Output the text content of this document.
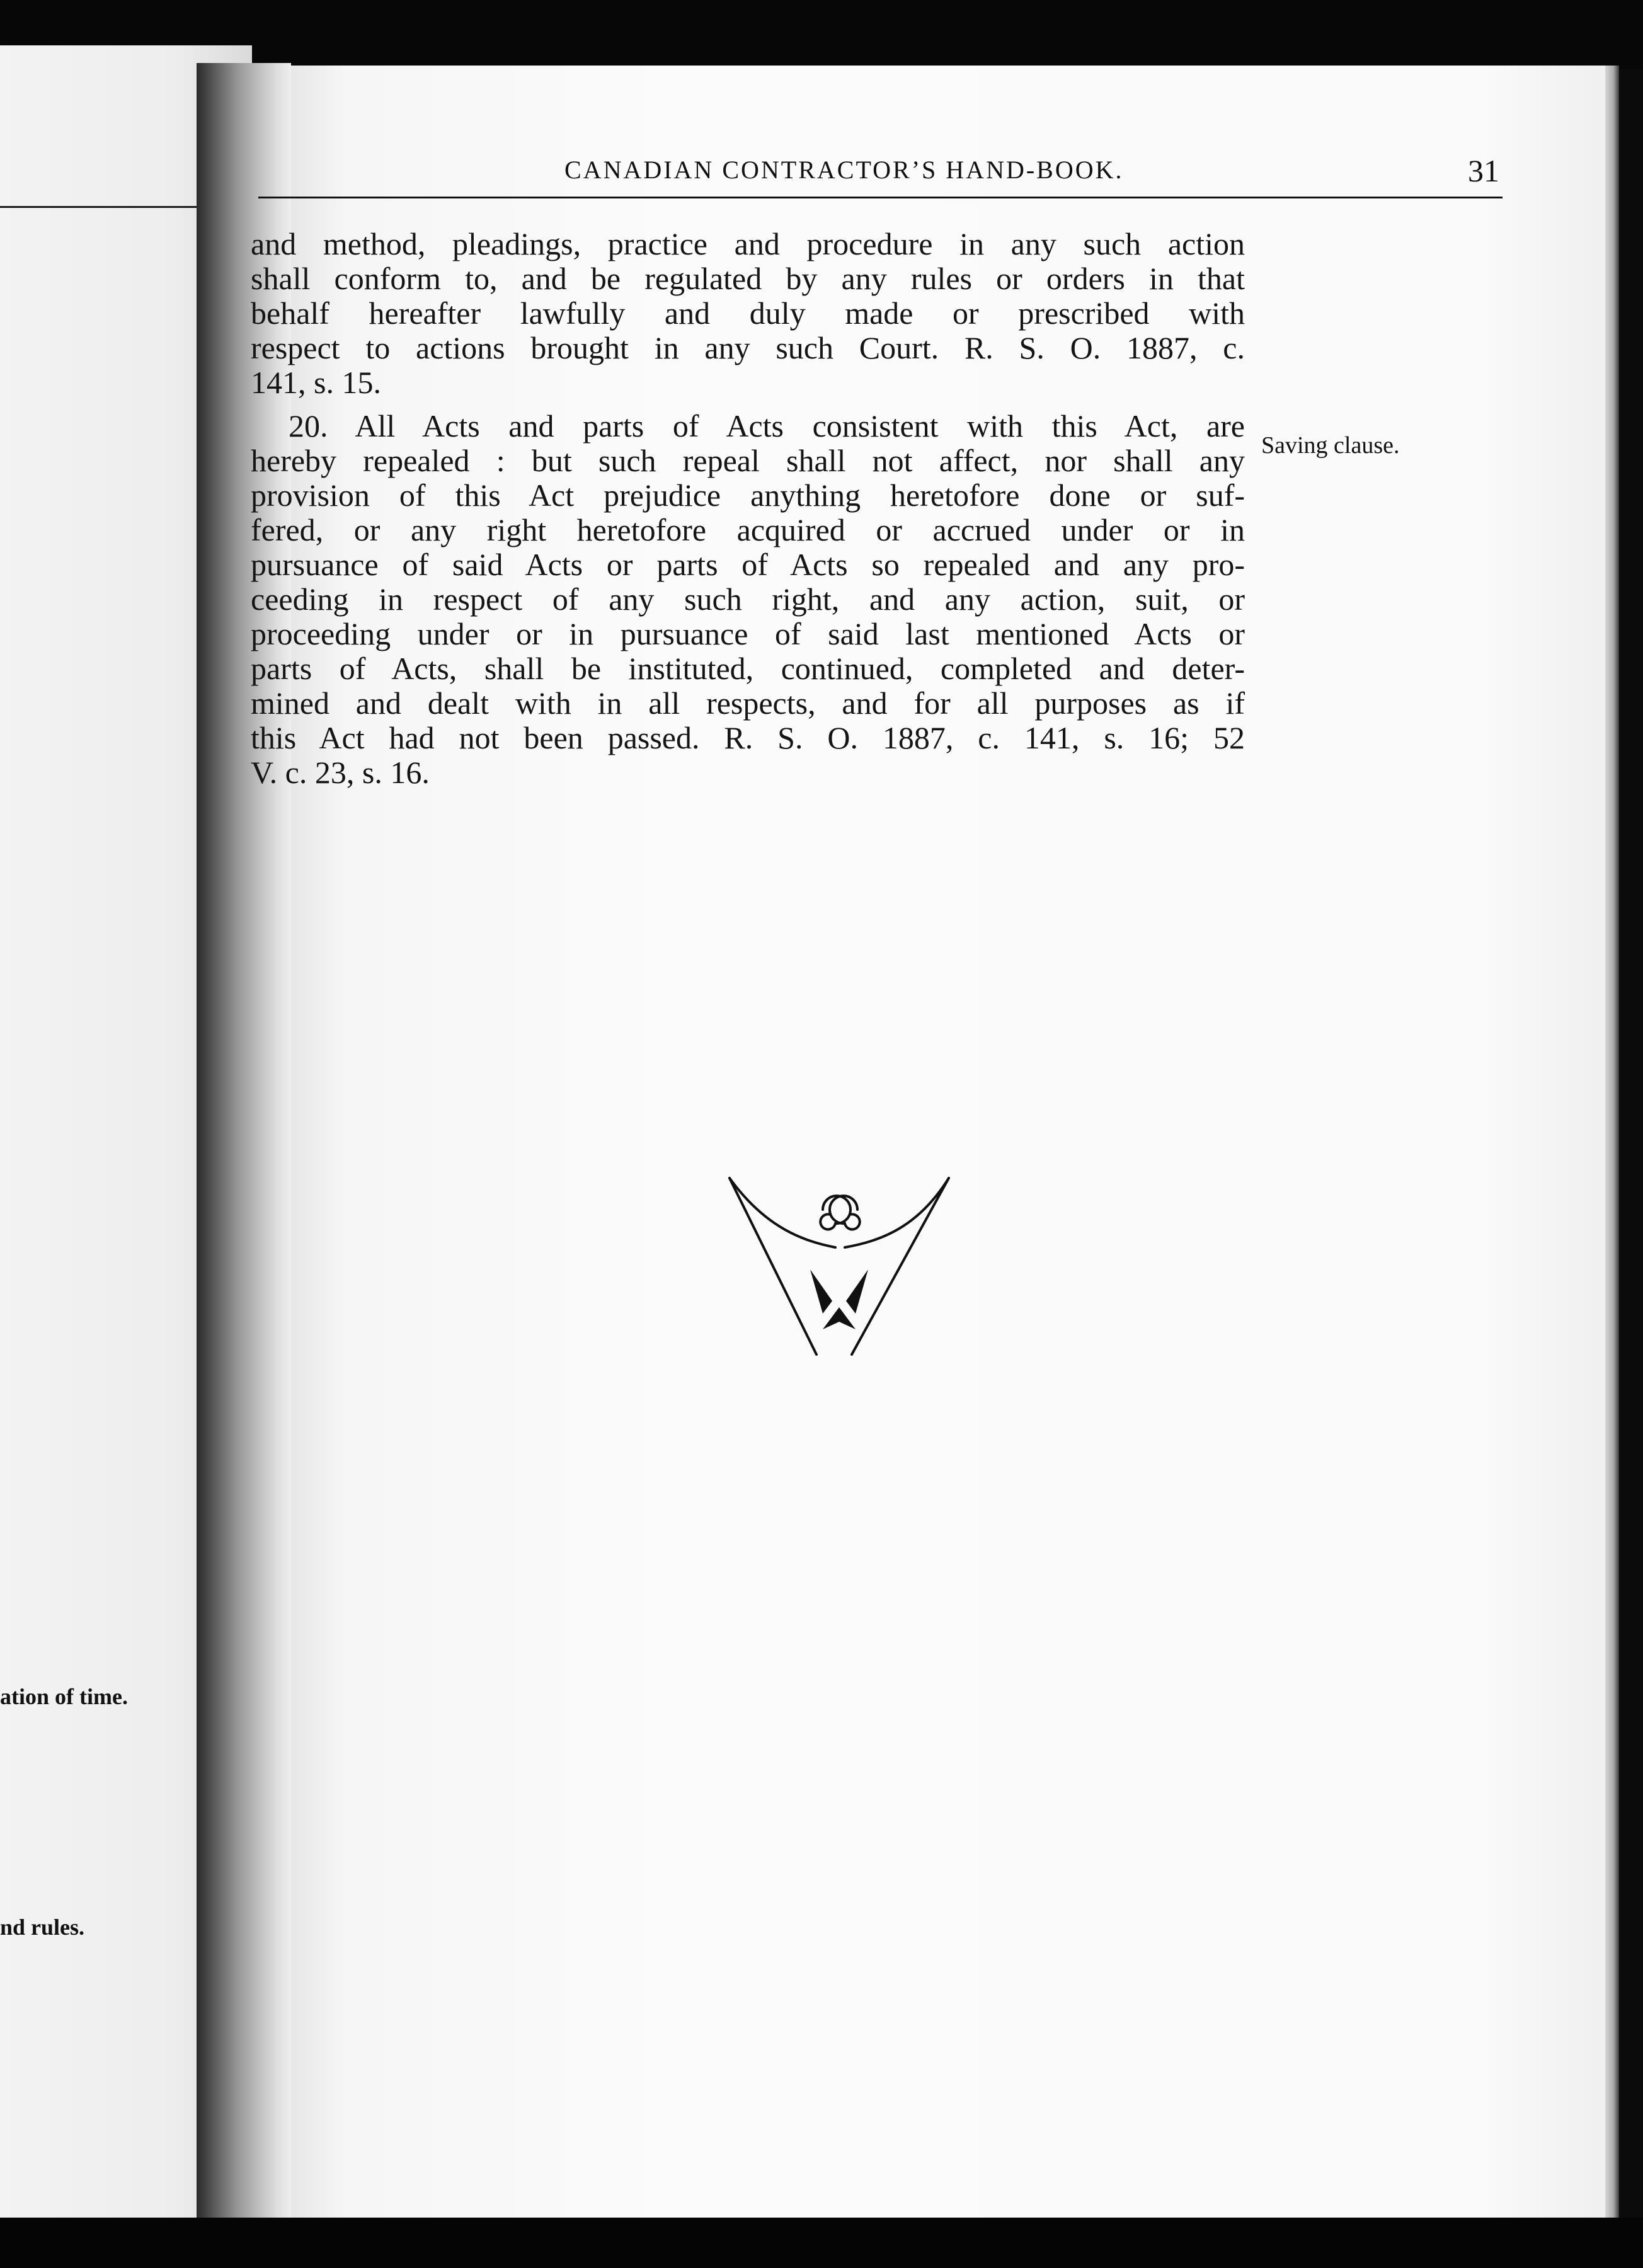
ation of time.
nd rules.
CANADIAN CONTRACTOR’S HAND-BOOK.	31
and method, pleadings, practice and procedure in any such action
shall conform to, and be regulated by any rules or orders in that
behalf hereafter lawfully and duly made or prescribed with
respect to actions brought in any such Court. R. S. O. 1887, c.
141, s. 15.
20. All Acts and parts of Acts consistent with this Act, are
hereby repealed : but such repeal shall not affect, nor shall any
provision of this Act prejudice anything heretofore done or suf-
fered, or any right heretofore acquired or accrued under or in
pursuance of said Acts or parts of Acts so repealed and any pro-
ceeding in respect of any such right, and any action, suit, or
proceeding under or in pursuance of said last mentioned Acts or
parts of Acts, shall be instituted, continued, completed and deter-
mined and dealt with in all respects, and for all purposes as if
this Act had not been passed. R. S. O. 1887, c. 141, s. 16; 52
V. c. 23, s. 16.
Saving clause.
